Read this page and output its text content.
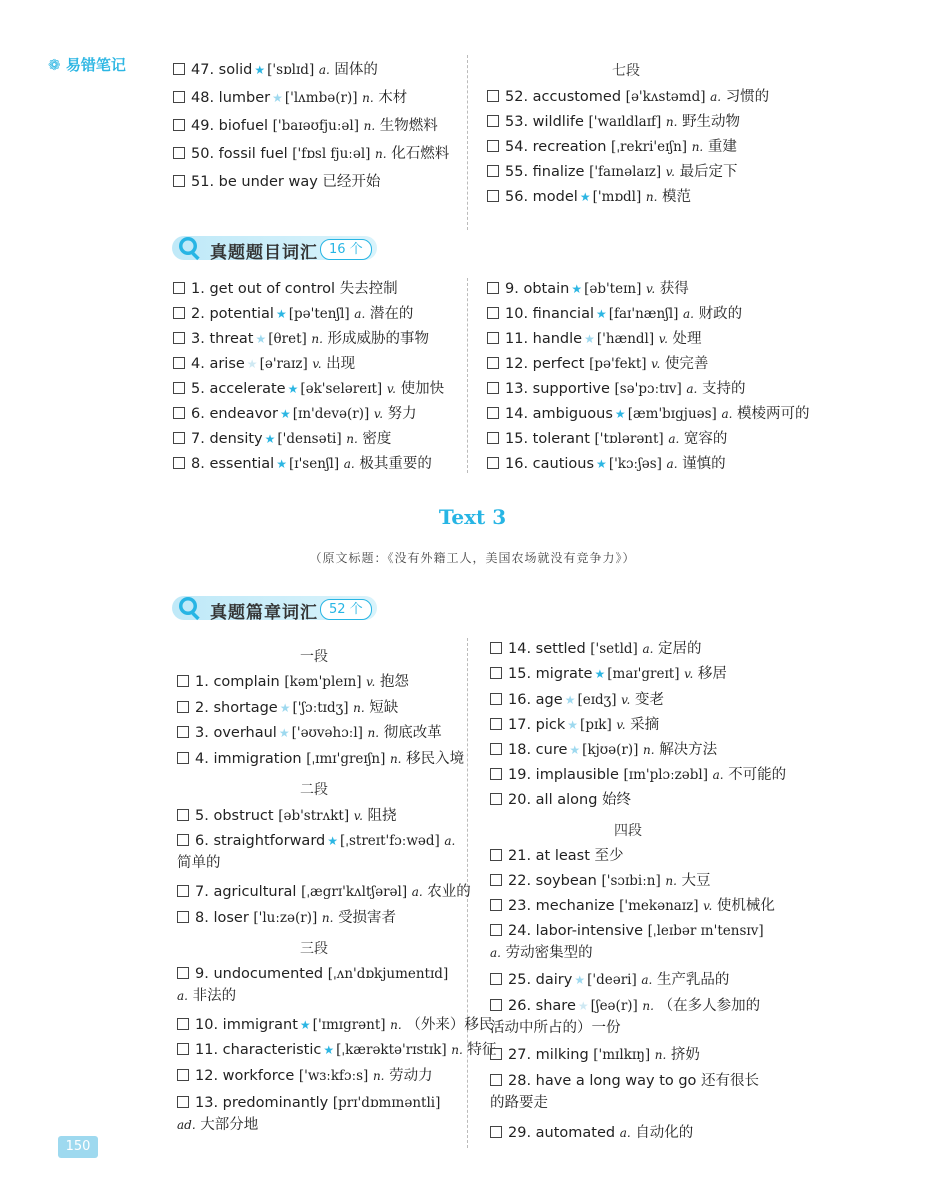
❁ 易错笔记	七段
47. solid ★ ['sɒlɪd] a. 固体的
48. lumber ★ ['lʌmbə(r)] n. 木材
49. biofuel ['baɪəʊfjuːəl] n. 生物燃料
50. fossil fuel ['fɒsl fjuːəl] n. 化石燃料
51. be under way 已经开始
52. accustomed [ə'kʌstəmd] a. 习惯的
53. wildlife ['waɪldlaɪf] n. 野生动物
54. recreation [ˌrekri'eɪʃn] n. 重建
55. finalize ['faɪnəlaɪz] v. 最后定下
56. model ★ ['mɒdl] n. 模范
真题题目词汇 16 个
1. get out of control 失去控制
2. potential ★ [pə'tenʃl] a. 潜在的
3. threat ★ [θret] n. 形成威胁的事物
4. arise ★ [ə'raɪz] v. 出现
5. accelerate ★ [ək'seləreɪt] v. 使加快
6. endeavor ★ [ɪn'devə(r)] v. 努力
7. density ★ ['densəti] n. 密度
8. essential ★ [ɪ'senʃl] a. 极其重要的
9. obtain ★ [əb'teɪn] v. 获得
10. financial ★ [faɪ'nænʃl] a. 财政的
11. handle ★ ['hændl] v. 处理
12. perfect [pə'fekt] v. 使完善
13. supportive [sə'pɔːtɪv] a. 支持的
14. ambiguous ★ [æm'bɪgjuəs] a. 模棱两可的
15. tolerant ['tɒlərənt] a. 宽容的
16. cautious ★ ['kɔːʃəs] a. 谨慎的
Text 3
（原文标题：《没有外籍工人，美国农场就没有竞争力》）
真题篇章词汇 52 个
一段
二段
三段
四段
1. complain [kəm'pleɪn] v. 抱怨
2. shortage ★ ['ʃɔːtɪdʒ] n. 短缺
3. overhaul ★ ['əʊvəhɔːl] n. 彻底改革
4. immigration [ˌɪmɪ'greɪʃn] n. 移民入境
5. obstruct [əb'strʌkt] v. 阻挠
6. straightforward ★ [ˌstreɪt'fɔːwəd] a. 简单的
7. agricultural [ˌægrɪ'kʌltʃərəl] a. 农业的
8. loser ['luːzə(r)] n. 受损害者
9. undocumented [ˌʌn'dɒkjumentɪd] a. 非法的
10. immigrant ★ ['ɪmɪgrənt] n. （外来）移民
11. characteristic ★ [ˌkærəktə'rɪstɪk] n. 特征
12. workforce ['wɜːkfɔːs] n. 劳动力
13. predominantly [prɪ'dɒmɪnəntli] ad. 大部分地
14. settled ['setld] a. 定居的
15. migrate ★ [maɪ'greɪt] v. 移居
16. age ★ [eɪdʒ] v. 变老
17. pick ★ [pɪk] v. 采摘
18. cure ★ [kjʊə(r)] n. 解决方法
19. implausible [ɪm'plɔːzəbl] a. 不可能的
20. all along 始终
21. at least 至少
22. soybean ['sɔɪbiːn] n. 大豆
23. mechanize ['mekənaɪz] v. 使机械化
24. labor-intensive [ˌleɪbər ɪn'tensɪv] a. 劳动密集型的
25. dairy ★ ['deəri] a. 生产乳品的
26. share ★ [ʃeə(r)] n. （在多人参加的活动中所占的）一份
27. milking ['mɪlkɪŋ] n. 挤奶
28. have a long way to go 还有很长的路要走
29. automated a. 自动化的
150
